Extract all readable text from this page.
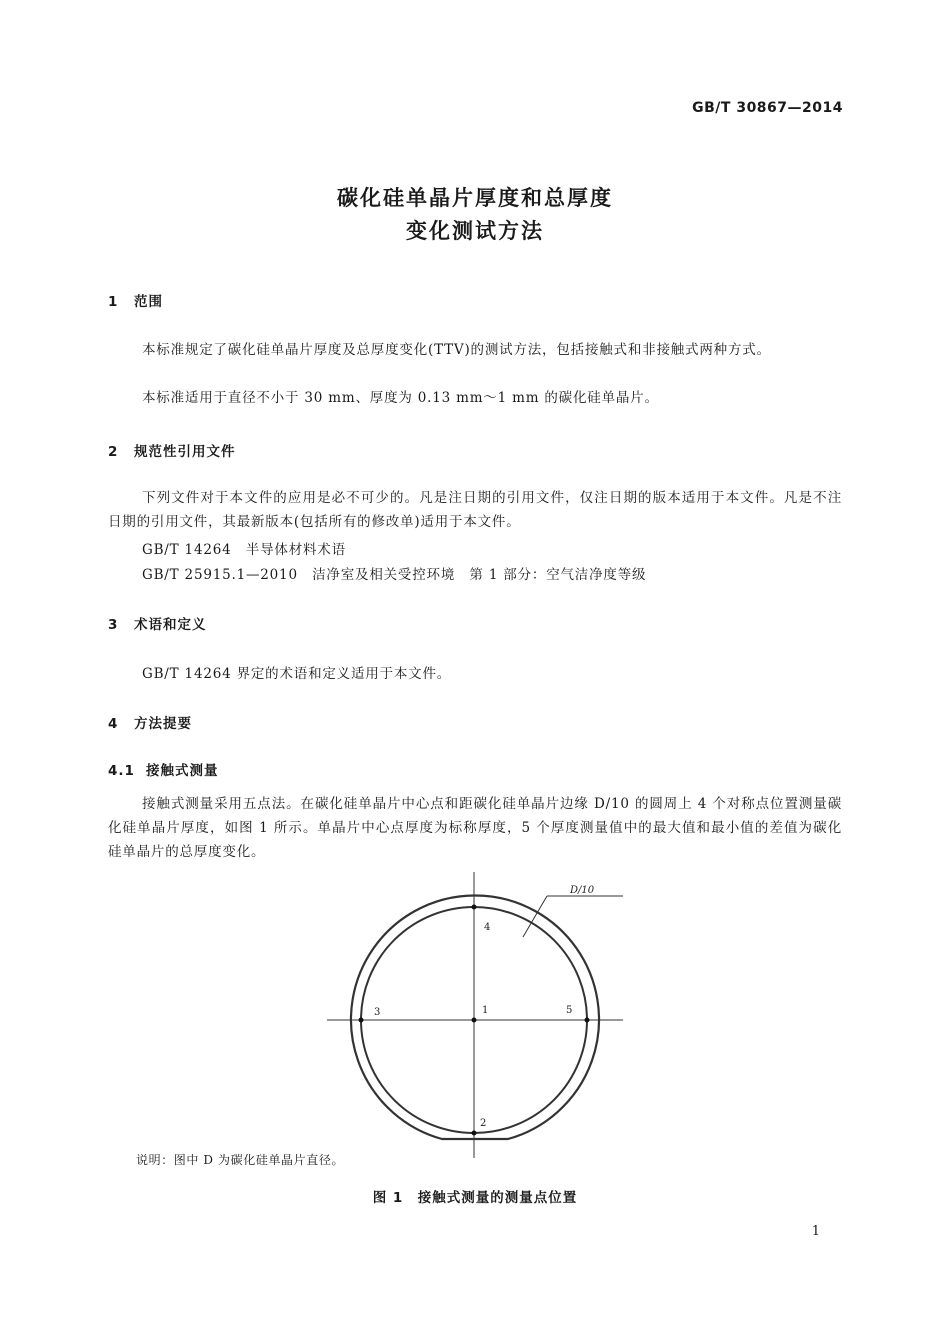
GB/T 30867—2014
碳化硅单晶片厚度和总厚度
变化测试方法
1 范围
本标准规定了碳化硅单晶片厚度及总厚度变化(TTV)的测试方法，包括接触式和非接触式两种方式。
本标准适用于直径不小于 30 mm、厚度为 0.13 mm～1 mm 的碳化硅单晶片。
2 规范性引用文件
下列文件对于本文件的应用是必不可少的。凡是注日期的引用文件，仅注日期的版本适用于本文件。凡是不注日期的引用文件，其最新版本(包括所有的修改单)适用于本文件。
GB/T 14264　半导体材料术语
GB/T 25915.1—2010　洁净室及相关受控环境　第 1 部分：空气洁净度等级
3 术语和定义
GB/T 14264 界定的术语和定义适用于本文件。
4 方法提要
4.1 接触式测量
接触式测量采用五点法。在碳化硅单晶片中心点和距碳化硅单晶片边缘 D/10 的圆周上 4 个对称点位置测量碳化硅单晶片厚度，如图 1 所示。单晶片中心点厚度为标称厚度，5 个厚度测量值中的最大值和最小值的差值为碳化硅单晶片的总厚度变化。
D/10
1
2
3
4
5
说明：图中 D 为碳化硅单晶片直径。
图 1　接触式测量的测量点位置
1
